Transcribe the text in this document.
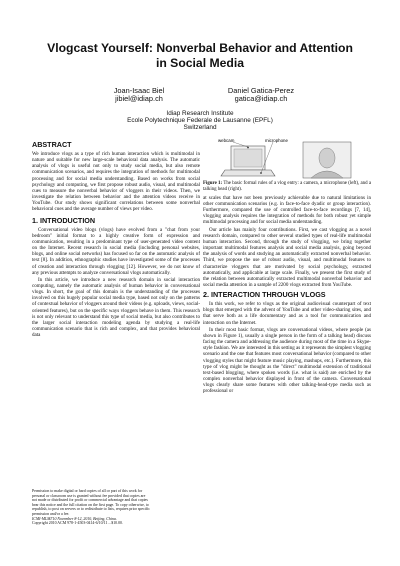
Vlogcast Yourself: Nonverbal Behavior and Attention
in Social Media
Joan-Isaac Biel
jibiel@idiap.ch
Daniel Gatica-Perez
gatica@idiap.ch
Idiap Research Institute
Ecole Polytechnique Federale de Lausanne (EPFL)
Switzerland
ABSTRACT

We introduce vlogs as a type of rich human interaction which is multimodal in nature and suitable for new large-scale behavioral data analysis. The automatic analysis of vlogs is useful not only to study social media, but also remote communication scenarios, and requires the integration of methods for multimodal processing and for social media understanding. Based on works from social psychology and computing, we first propose robust audio, visual, and multimodal cues to measure the nonverbal behavior of vloggers in their videos. Then, we investigate the relation between behavior and the attention videos receive in YouTube. Our study shows significant correlations between some nonverbal behavioral cues and the average number of views per video.

1. INTRODUCTION

Conversational video blogs (vlogs) have evolved from a "chat from your bedroom" initial format to a highly creative form of expression and communication, resulting in a predominant type of user-generated video content on the Internet. Recent research in social media (including personal websites, blogs, and online social networks) has focused so far on the automatic analysis of text [8]. In addition, ethnographic studies have investigated some of the processes of creation and interaction through vlogging [12]. However, we do not know of any previous attempts to analyze conversational vlogs automatically.

In this article, we introduce a new research domain in social interaction computing, namely the automatic analysis of human behavior in conversational vlogs. In short, the goal of this domain is the understanding of the processes involved on this hugely popular social media type, based not only on the patterns of contextual behavior of vloggers around their videos (e.g. uploads, views, social-oriented features), but on the specific ways vloggers behave in them. This research is not only relevant to understand this type of social media, but also contributes to the larger social interaction modeling agenda by studying a real-life communication scenario that is rich and complex, and that provides behavioral data

Permission to make digital or hard copies of all or part of this work for
personal or classroom use is granted without fee provided that copies are
not made or distributed for profit or commercial advantage and that copies
bear this notice and the full citation on the first page. To copy otherwise, to
republish, to post on servers or to redistribute to lists, requires prior specific
permission and/or a fee.
ICMI-MLMI'10 November 8-12, 2010, Beijing, China.
Copyright 2010 ACM 978-1-4503-0414-6/10/11 ...$10.00.
webcam	microphone

Figure 1: The basic formal rules of a vlog entry: a camera, a microphone (left), and a talking head (right).

at scales that have not been previously achievable due to natural limitations in other communication scenarios (e.g. in face-to-face dyadic or group interaction). Furthermore, compared the use of controlled face-to-face recordings [7, 14], vlogging analysis requires the integration of methods for both robust yet simple multimodal processing and for social media understanding.

Our article has mainly four contributions. First, we cast vlogging as a novel research domain, compared to other several studied types of real-life multimodal human interaction. Second, through the study of vlogging, we bring together important multimodal features analysis and social media analysis, going beyond the analysis of words and studying an automatically extracted nonverbal behavior. Third, we propose the use of robust audio, visual, and multimodal features to characterize vloggers that are motivated by social psychology, extracted automatically, and applicable at large scale. Finally, we present the first study of the relation between automatically extracted multimodal nonverbal behavior and social media attention in a sample of 2200 vlogs extracted from YouTube.

2. INTERACTION THROUGH VLOGS

In this work, we refer to vlogs as the original audiovisual counterpart of text blogs that emerged with the advent of YouTube and other video-sharing sites, and that serve both as a life documentary and as a tool for communication and interaction on the Internet.

In their most basic format, vlogs are conversational videos, where people (as shown in Figure 1), usually a single person in the form of a talking head) discuss facing the camera and addressing the audience during most of the time in a Skype-style fashion. We are interested in this setting as it represents the simplest vlogging scenario and the one that features most conversational behavior (compared to other vlogging styles that might feature music playing, mashups, etc.). Furthermore, this type of vlog might be thought as the "direct" multimodal extension of traditional text-based blogging, where spoken words (i.e. what is said) are enriched by the complex nonverbal behavior displayed in front of the camera. Conversational vlogs clearly share some features with other talking-head-type media such as professional or
